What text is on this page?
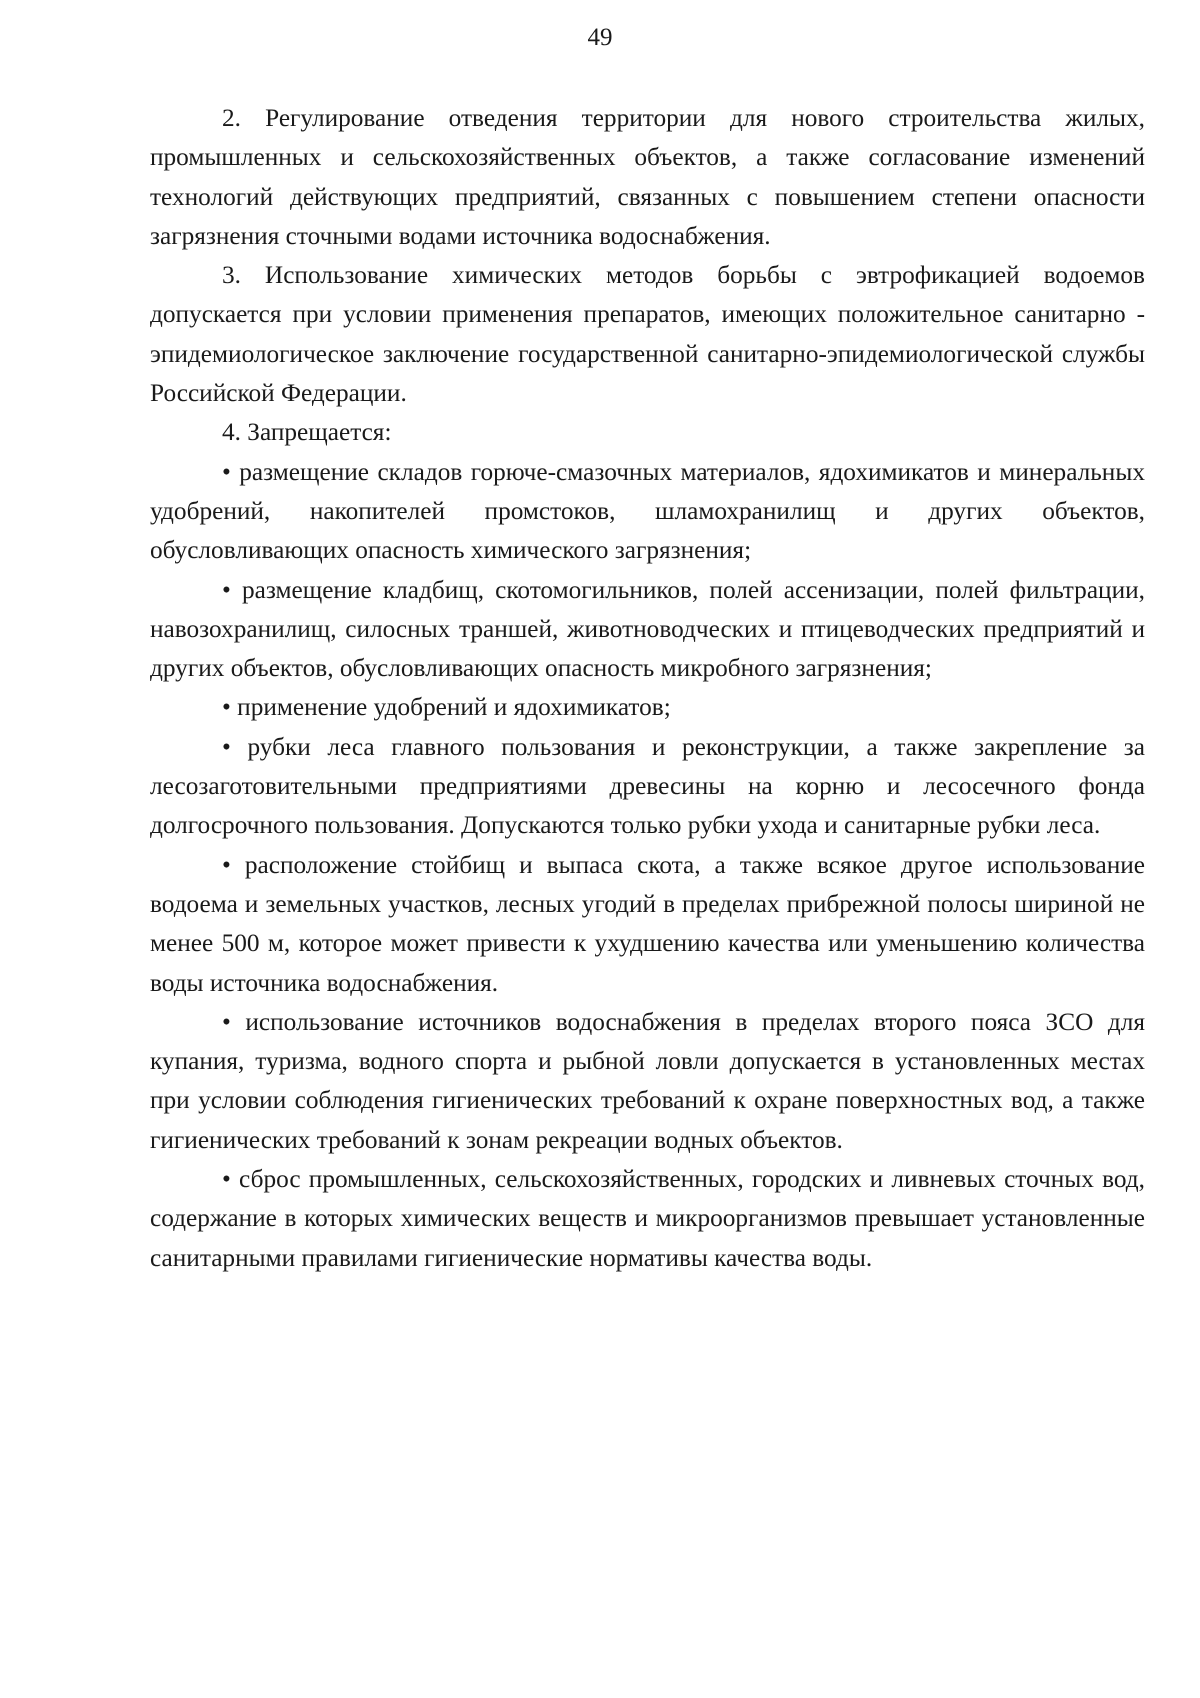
49

2. Регулирование отведения территории для нового строительства жилых, промышленных и сельскохозяйственных объектов, а также согласование изменений технологий действующих предприятий, связанных с повышением степени опасности загрязнения сточными водами источника водоснабжения.

3. Использование химических методов борьбы с эвтрофикацией водоемов допускается при условии применения препаратов, имеющих положительное санитарно - эпидемиологическое заключение государственной санитарно-эпидемиологической службы Российской Федерации.

4. Запрещается:

• размещение складов горюче-смазочных материалов, ядохимикатов и минеральных удобрений, накопителей промстоков, шламохранилищ и других объектов, обусловливающих опасность химического загрязнения;

• размещение кладбищ, скотомогильников, полей ассенизации, полей фильтрации, навозохранилищ, силосных траншей, животноводческих и птицеводческих предприятий и других объектов, обусловливающих опасность микробного загрязнения;

• применение удобрений и ядохимикатов;

• рубки леса главного пользования и реконструкции, а также закрепление за лесозаготовительными предприятиями древесины на корню и лесосечного фонда долгосрочного пользования. Допускаются только рубки ухода и санитарные рубки леса.

• расположение стойбищ и выпаса скота, а также всякое другое использование водоема и земельных участков, лесных угодий в пределах прибрежной полосы шириной не менее 500 м, которое может привести к ухудшению качества или уменьшению количества воды источника водоснабжения.

• использование источников водоснабжения в пределах второго пояса ЗСО для купания, туризма, водного спорта и рыбной ловли допускается в установленных местах при условии соблюдения гигиенических требований к охране поверхностных вод, а также гигиенических требований к зонам рекреации водных объектов.

• сброс промышленных, сельскохозяйственных, городских и ливневых сточных вод, содержание в которых химических веществ и микроорганизмов превышает установленные санитарными правилами гигиенические нормативы качества воды.
